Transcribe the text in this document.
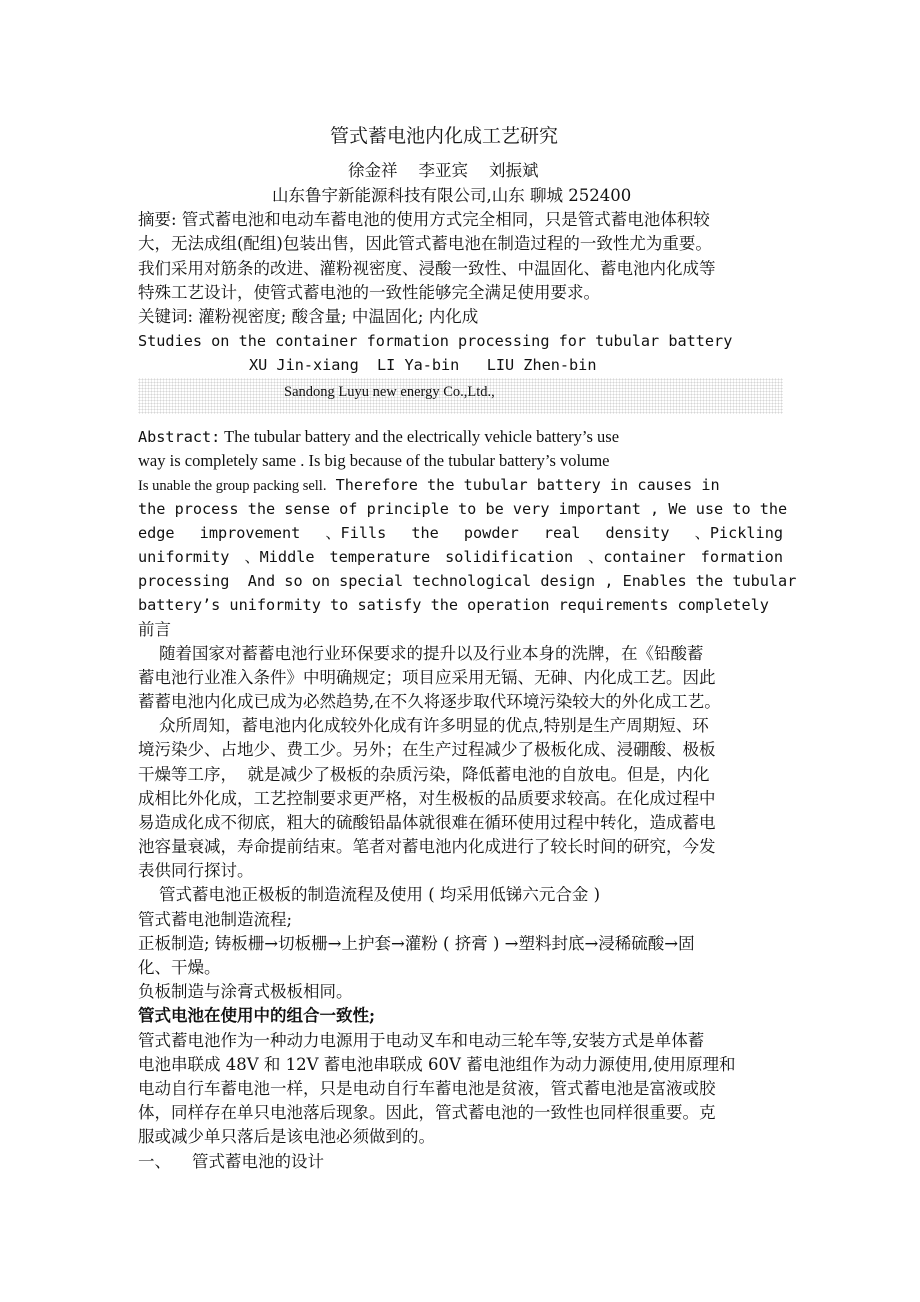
管式蓄电池内化成工艺研究
徐金祥    李亚宾    刘振斌
山东鲁宇新能源科技有限公司,山东 聊城 252400
摘要: 管式蓄电池和电动车蓄电池的使用方式完全相同，只是管式蓄电池体积较
大，无法成组(配组)包装出售，因此管式蓄电池在制造过程的一致性尤为重要。
我们采用对筋条的改进、灌粉视密度、浸酸一致性、中温固化、蓄电池内化成等
特殊工艺设计，使管式蓄电池的一致性能够完全满足使用要求。
关键词: 灌粉视密度; 酸含量; 中温固化; 内化成
Studies on the container formation processing for tubular battery
XU Jin-xiang  LI Ya-bin   LIU Zhen-bin
Sandong Luyu new energy Co.,Ltd.,
Abstract: The tubular battery and the electrically vehicle battery’s use
way is completely same . Is big because of the tubular battery’s volume
Is unable the group packing sell. Therefore the tubular battery in causes in
the process the sense of principle to be very important , We use to the
edge improvement 、Fills the powder real density 、Pickling
uniformity 、Middle temperature solidification 、container formation
processing  And so on special technological design , Enables the tubular
battery’s uniformity to satisfy the operation requirements completely
前言
随着国家对蓄蓄电池行业环保要求的提升以及行业本身的洗牌，在《铅酸蓄
蓄电池行业准入条件》中明确规定；项目应采用无镉、无砷、内化成工艺。因此
蓄蓄电池内化成已成为必然趋势,在不久将逐步取代环境污染较大的外化成工艺。
众所周知，蓄电池内化成较外化成有许多明显的优点,特别是生产周期短、环
境污染少、占地少、费工少。另外；在生产过程减少了极板化成、浸硼酸、极板
干燥等工序，  就是减少了极板的杂质污染，降低蓄电池的自放电。但是，内化
成相比外化成，工艺控制要求更严格，对生极板的品质要求较高。在化成过程中
易造成化成不彻底，粗大的硫酸铅晶体就很难在循环使用过程中转化，造成蓄电
池容量衰减，寿命提前结束。笔者对蓄电池内化成进行了较长时间的研究，今发
表供同行探讨。
管式蓄电池正极板的制造流程及使用 ( 均采用低锑六元合金 )
管式蓄电池制造流程;
正板制造; 铸板栅→切板栅→上护套→灌粉 ( 挤膏 ) →塑料封底→浸稀硫酸→固
化、干燥。
负板制造与涂膏式极板相同。
管式电池在使用中的组合一致性;
管式蓄电池作为一种动力电源用于电动叉车和电动三轮车等,安装方式是单体蓄
电池串联成 48V 和 12V 蓄电池串联成 60V 蓄电池组作为动力源使用,使用原理和
电动自行车蓄电池一样，只是电动自行车蓄电池是贫液，管式蓄电池是富液或胶
体，同样存在单只电池落后现象。因此，管式蓄电池的一致性也同样很重要。克
服或减少单只落后是该电池必须做到的。
一、    管式蓄电池的设计
